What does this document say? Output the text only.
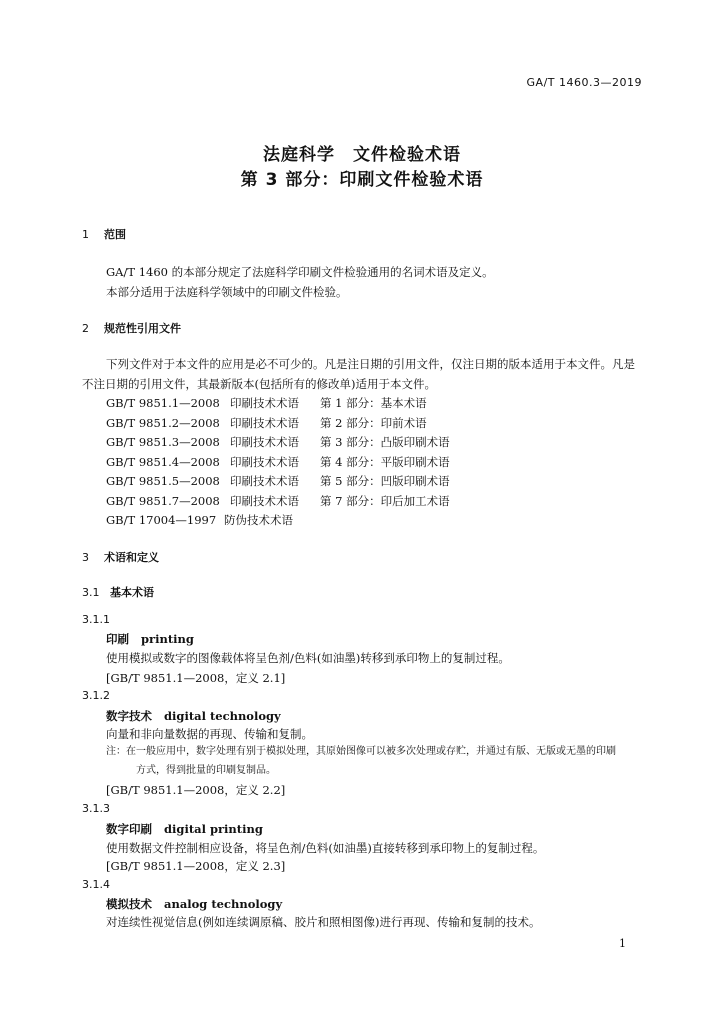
GA/T 1460.3—2019
法庭科学　文件检验术语
第 3 部分：印刷文件检验术语
1 范围
GA/T 1460 的本部分规定了法庭科学印刷文件检验通用的名词术语及定义。
本部分适用于法庭科学领域中的印刷文件检验。
2 规范性引用文件
下列文件对于本文件的应用是必不可少的。凡是注日期的引用文件，仅注日期的版本适用于本文件。凡是不注日期的引用文件，其最新版本(包括所有的修改单)适用于本文件。
GB/T 9851.1—2008 印刷技术术语 第 1 部分：基本术语
GB/T 9851.2—2008 印刷技术术语 第 2 部分：印前术语
GB/T 9851.3—2008 印刷技术术语 第 3 部分：凸版印刷术语
GB/T 9851.4—2008 印刷技术术语 第 4 部分：平版印刷术语
GB/T 9851.5—2008 印刷技术术语 第 5 部分：凹版印刷术语
GB/T 9851.7—2008 印刷技术术语 第 7 部分：印后加工术语
GB/T 17004—1997 防伪技术术语
3 术语和定义
3.1 基本术语
3.1.1
印刷 printing
使用模拟或数字的图像载体将呈色剂/色料(如油墨)转移到承印物上的复制过程。
[GB/T 9851.1—2008，定义 2.1]
3.1.2
数字技术 digital technology
向量和非向量数据的再现、传输和复制。
注：在一般应用中，数字处理有别于模拟处理，其原始图像可以被多次处理或存贮，并通过有版、无版或无墨的印刷
方式，得到批量的印刷复制品。
[GB/T 9851.1—2008，定义 2.2]
3.1.3
数字印刷 digital printing
使用数据文件控制相应设备，将呈色剂/色料(如油墨)直接转移到承印物上的复制过程。
[GB/T 9851.1—2008，定义 2.3]
3.1.4
模拟技术 analog technology
对连续性视觉信息(例如连续调原稿、胶片和照相图像)进行再现、传输和复制的技术。
1
